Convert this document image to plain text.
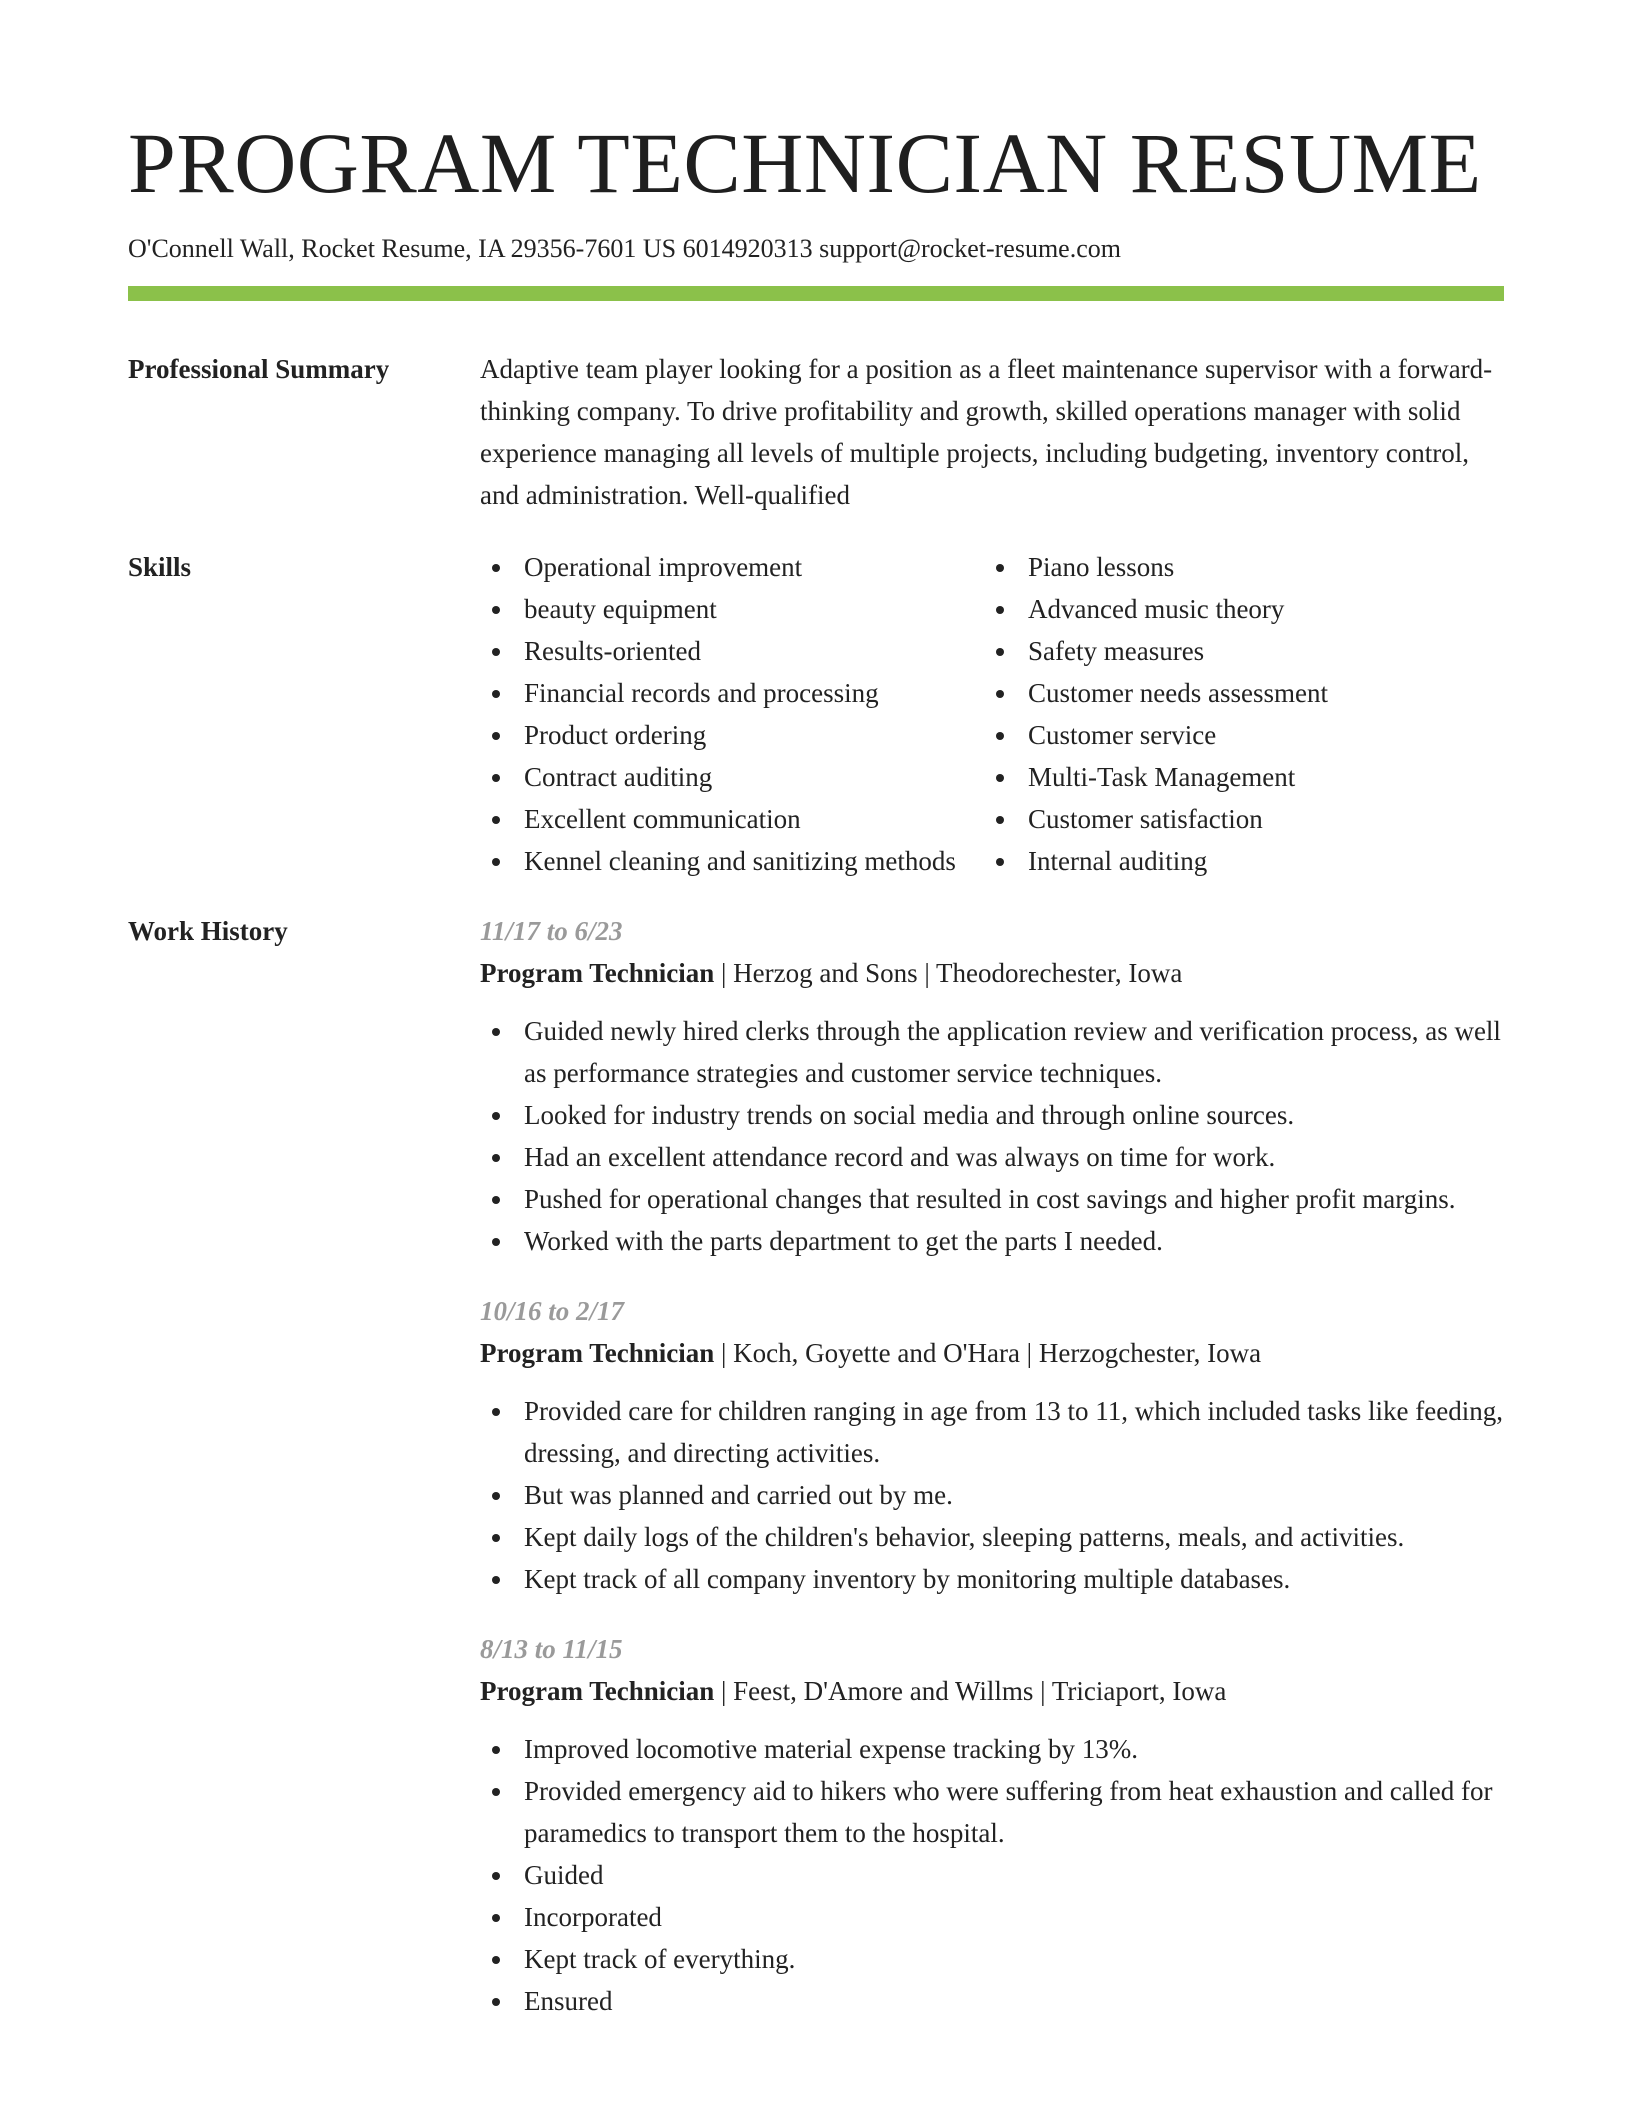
PROGRAM TECHNICIAN RESUME
O'Connell Wall, Rocket Resume, IA 29356-7601 US 6014920313 support@rocket-resume.com
Professional Summary	Adaptive team player looking for a position as a fleet maintenance supervisor with a forward-thinking company. To drive profitability and growth, skilled operations manager with solid experience managing all levels of multiple projects, including budgeting, inventory control, and administration. Well-qualified

Skills	Operational improvement
beauty equipment
Results-oriented
Financial records and processing
Product ordering
Contract auditing
Excellent communication
Kennel cleaning and sanitizing methods
Piano lessons
Advanced music theory
Safety measures
Customer needs assessment
Customer service
Multi-Task Management
Customer satisfaction
Internal auditing
Work History	11/17 to 6/23
Program Technician | Herzog and Sons | Theodorechester, Iowa
Guided newly hired clerks through the application review and verification process, as well as performance strategies and customer service techniques.
Looked for industry trends on social media and through online sources.
Had an excellent attendance record and was always on time for work.
Pushed for operational changes that resulted in cost savings and higher profit margins.
Worked with the parts department to get the parts I needed.
10/16 to 2/17
Program Technician | Koch, Goyette and O'Hara | Herzogchester, Iowa
Provided care for children ranging in age from 13 to 11, which included tasks like feeding, dressing, and directing activities.
But was planned and carried out by me.
Kept daily logs of the children's behavior, sleeping patterns, meals, and activities.
Kept track of all company inventory by monitoring multiple databases.
8/13 to 11/15
Program Technician | Feest, D'Amore and Willms | Triciaport, Iowa
Improved locomotive material expense tracking by 13%.
Provided emergency aid to hikers who were suffering from heat exhaustion and called for paramedics to transport them to the hospital.
Guided
Incorporated
Kept track of everything.
Ensured
